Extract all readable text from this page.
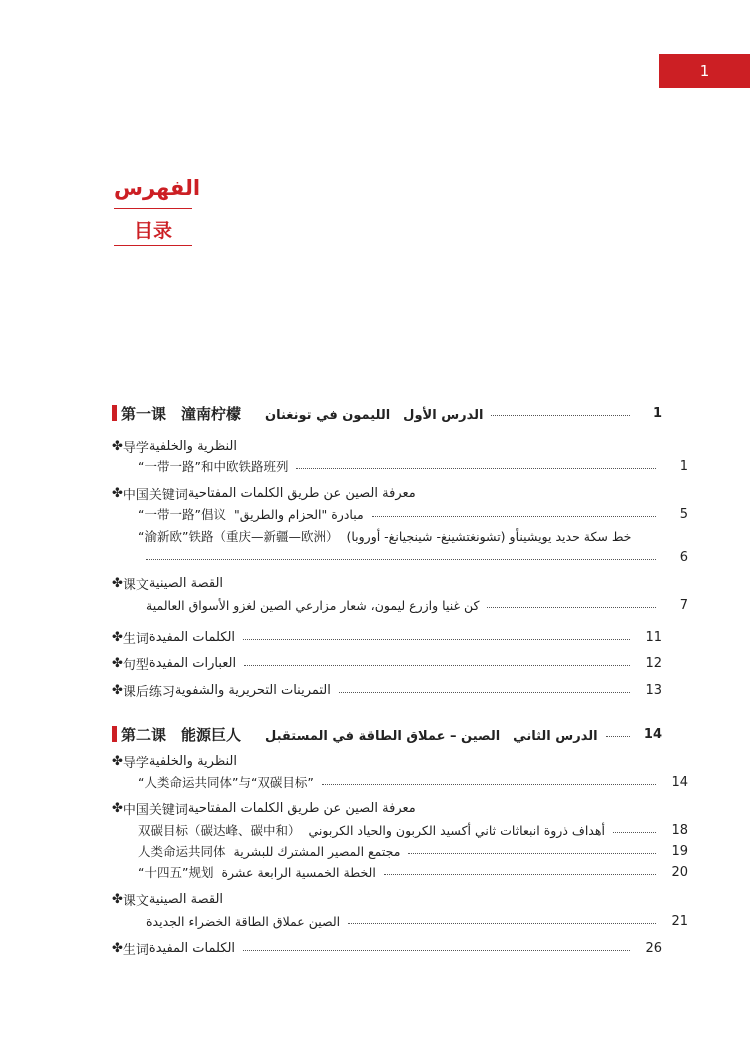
1
الفهرس
目录
第一课　潼南柠檬 الدرس الأول　الليمون في تونغنان	1
✤ 导学 النظرية والخلفية
“一带一路”和中欧铁路班列	1
✤ 中国关键词 معرفة الصين عن طريق الكلمات المفتاحية
“一带一路”倡议 مبادرة "الحزام والطريق"	5
“渝新欧”铁路（重庆—新疆—欧洲） خط سكة حديد يويشينأو (تشونغتشينغ- شينجيانغ- أوروبا)
6
✤ 课文 القصة الصينية
كن غنيا وازرع ليمون، شعار مزارعي الصين لغزو الأسواق العالمية	7
✤ 生词 الكلمات المفيدة	11
✤ 句型 العبارات المفيدة	12
✤ 课后练习 التمرينات التحريرية والشفوية	13
第二课　能源巨人 الدرس الثاني　الصين – عملاق الطاقة في المستقبل	14
✤ 导学 النظرية والخلفية
“人类命运共同体”与“双碳目标”	14
✤ 中国关键词 معرفة الصين عن طريق الكلمات المفتاحية
双碳目标（碳达峰、碳中和） أهداف ذروة انبعاثات ثاني أكسيد الكربون والحياد الكربوني	18
人类命运共同体 مجتمع المصير المشترك للبشرية	19
“十四五”规划 الخطة الخمسية الرابعة عشرة	20
✤ 课文 القصة الصينية
الصين عملاق الطاقة الخضراء الجديدة	21
✤ 生词 الكلمات المفيدة	26
